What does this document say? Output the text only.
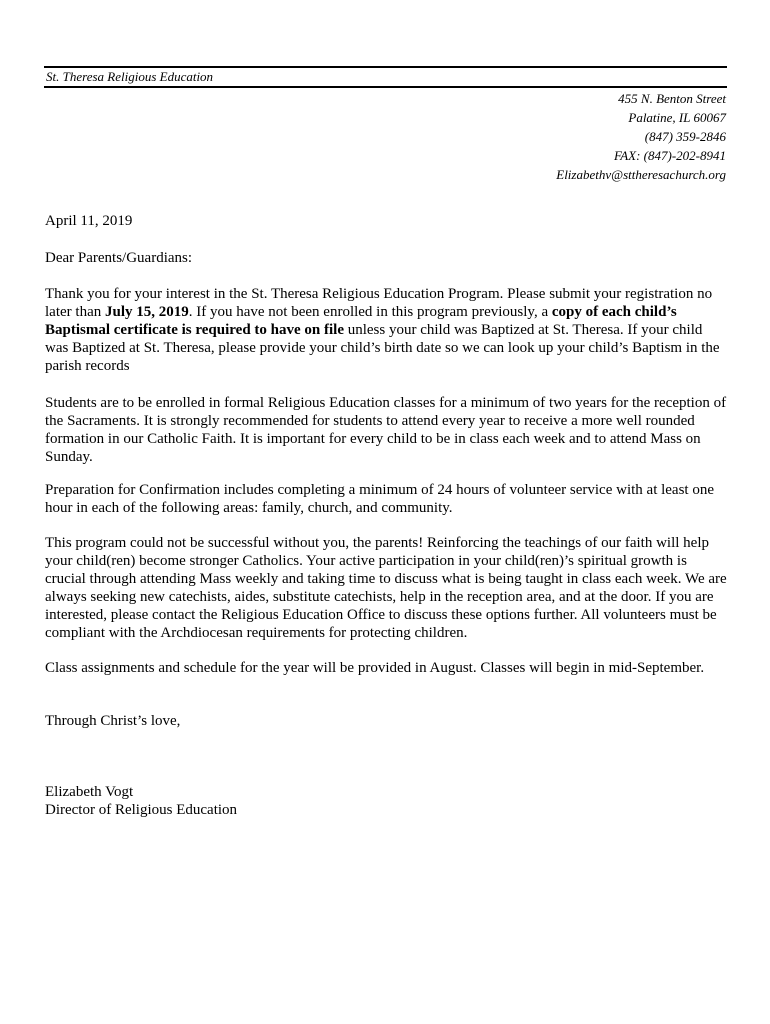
St. Theresa Religious Education
455 N. Benton Street
Palatine, IL 60067
(847) 359-2846
FAX: (847)-202-8941
Elizabethv@sttheresachurch.org
April 11, 2019
Dear Parents/Guardians:
Thank you for your interest in the St. Theresa Religious Education Program. Please submit your registration no later than July 15, 2019. If you have not been enrolled in this program previously, a copy of each child’s Baptismal certificate is required to have on file unless your child was Baptized at St. Theresa. If your child was Baptized at St. Theresa, please provide your child’s birth date so we can look up your child’s Baptism in the parish records
Students are to be enrolled in formal Religious Education classes for a minimum of two years for the reception of the Sacraments. It is strongly recommended for students to attend every year to receive a more well rounded formation in our Catholic Faith. It is important for every child to be in class each week and to attend Mass on Sunday.
Preparation for Confirmation includes completing a minimum of 24 hours of volunteer service with at least one hour in each of the following areas: family, church, and community.
This program could not be successful without you, the parents! Reinforcing the teachings of our faith will help your child(ren) become stronger Catholics. Your active participation in your child(ren)’s spiritual growth is crucial through attending Mass weekly and taking time to discuss what is being taught in class each week. We are always seeking new catechists, aides, substitute catechists, help in the reception area, and at the door. If you are interested, please contact the Religious Education Office to discuss these options further. All volunteers must be compliant with the Archdiocesan requirements for protecting children.
Class assignments and schedule for the year will be provided in August. Classes will begin in mid-September.
Through Christ’s love,
Elizabeth Vogt
Director of Religious Education
